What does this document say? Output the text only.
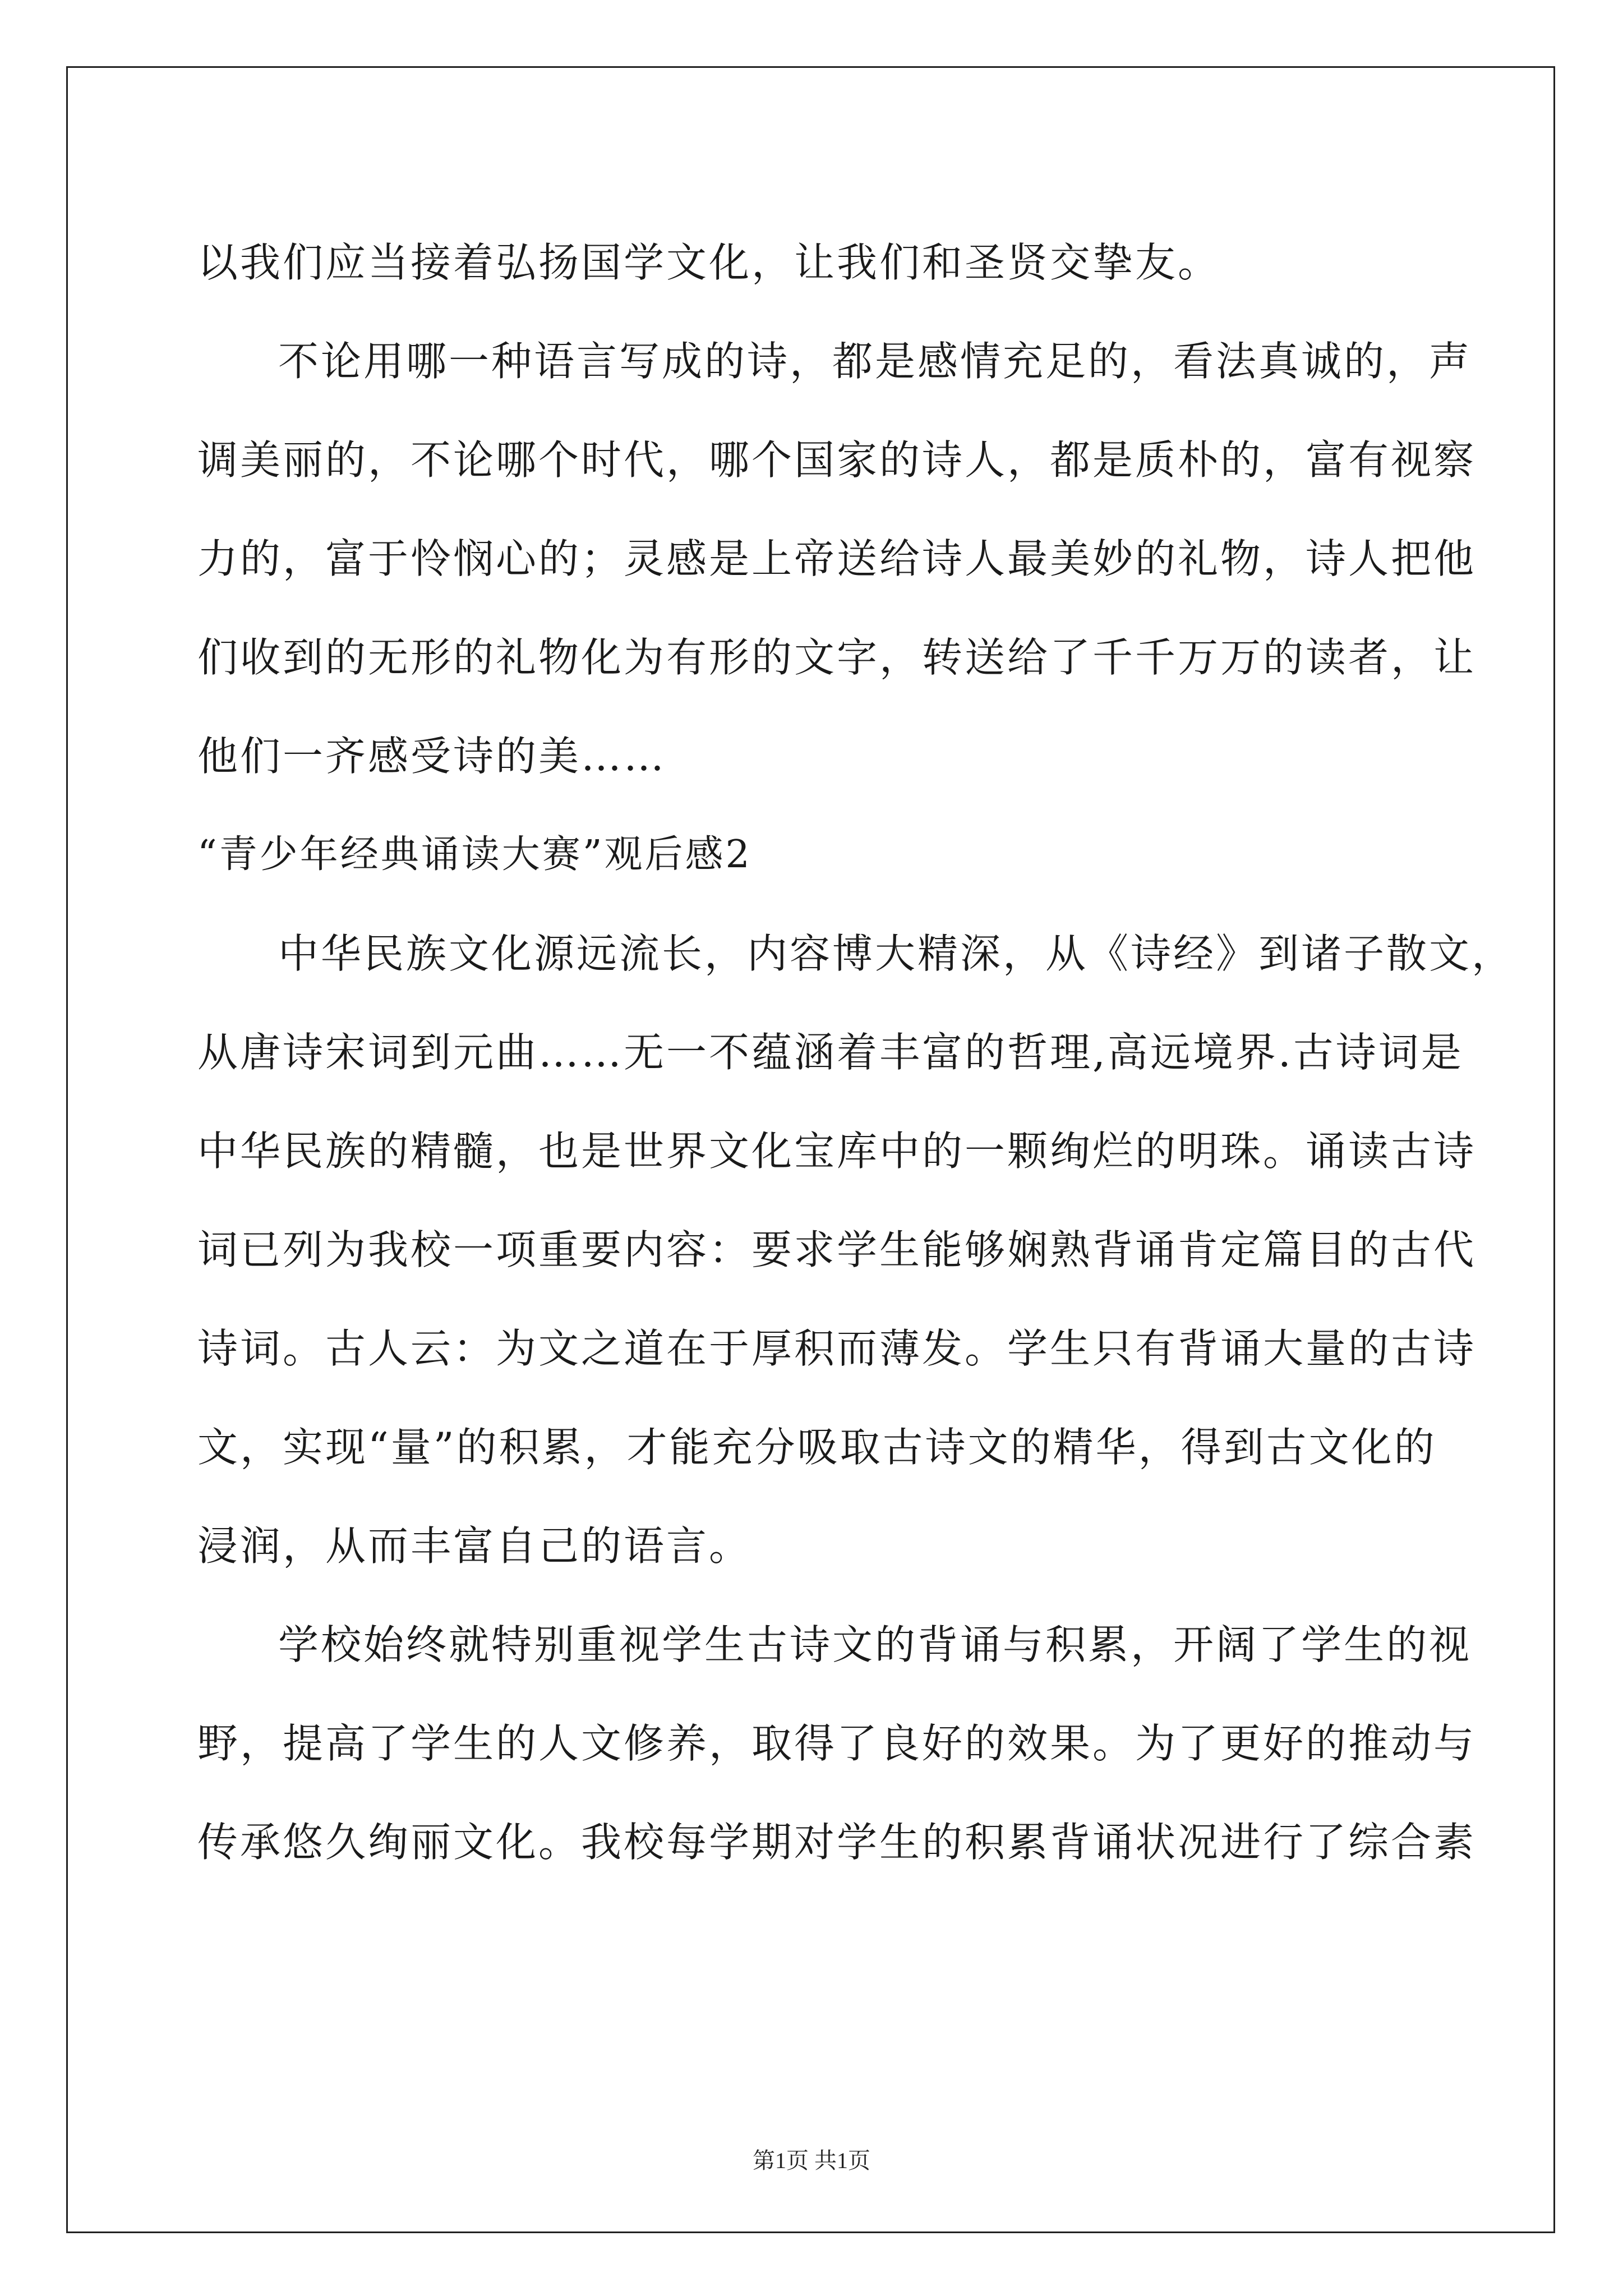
以我们应当接着弘扬国学文化，让我们和圣贤交挚友。
不论用哪一种语言写成的诗，都是感情充足的，看法真诚的，声
调美丽的，不论哪个时代，哪个国家的诗人，都是质朴的，富有视察
力的，富于怜悯心的；灵感是上帝送给诗人最美妙的礼物，诗人把他
们收到的无形的礼物化为有形的文字，转送给了千千万万的读者，让
他们一齐感受诗的美……
“青少年经典诵读大赛”观后感2
中华民族文化源远流长，内容博大精深，从《诗经》到诸子散文，
从唐诗宋词到元曲……无一不蕴涵着丰富的哲理,高远境界.古诗词是
中华民族的精髓，也是世界文化宝库中的一颗绚烂的明珠。诵读古诗
词已列为我校一项重要内容：要求学生能够娴熟背诵肯定篇目的古代
诗词。古人云：为文之道在于厚积而薄发。学生只有背诵大量的古诗
文，实现“量”的积累，才能充分吸取古诗文的精华，得到古文化的
浸润，从而丰富自己的语言。
学校始终就特别重视学生古诗文的背诵与积累，开阔了学生的视
野，提高了学生的人文修养，取得了良好的效果。为了更好的推动与
传承悠久绚丽文化。我校每学期对学生的积累背诵状况进行了综合素
第1页 共1页
